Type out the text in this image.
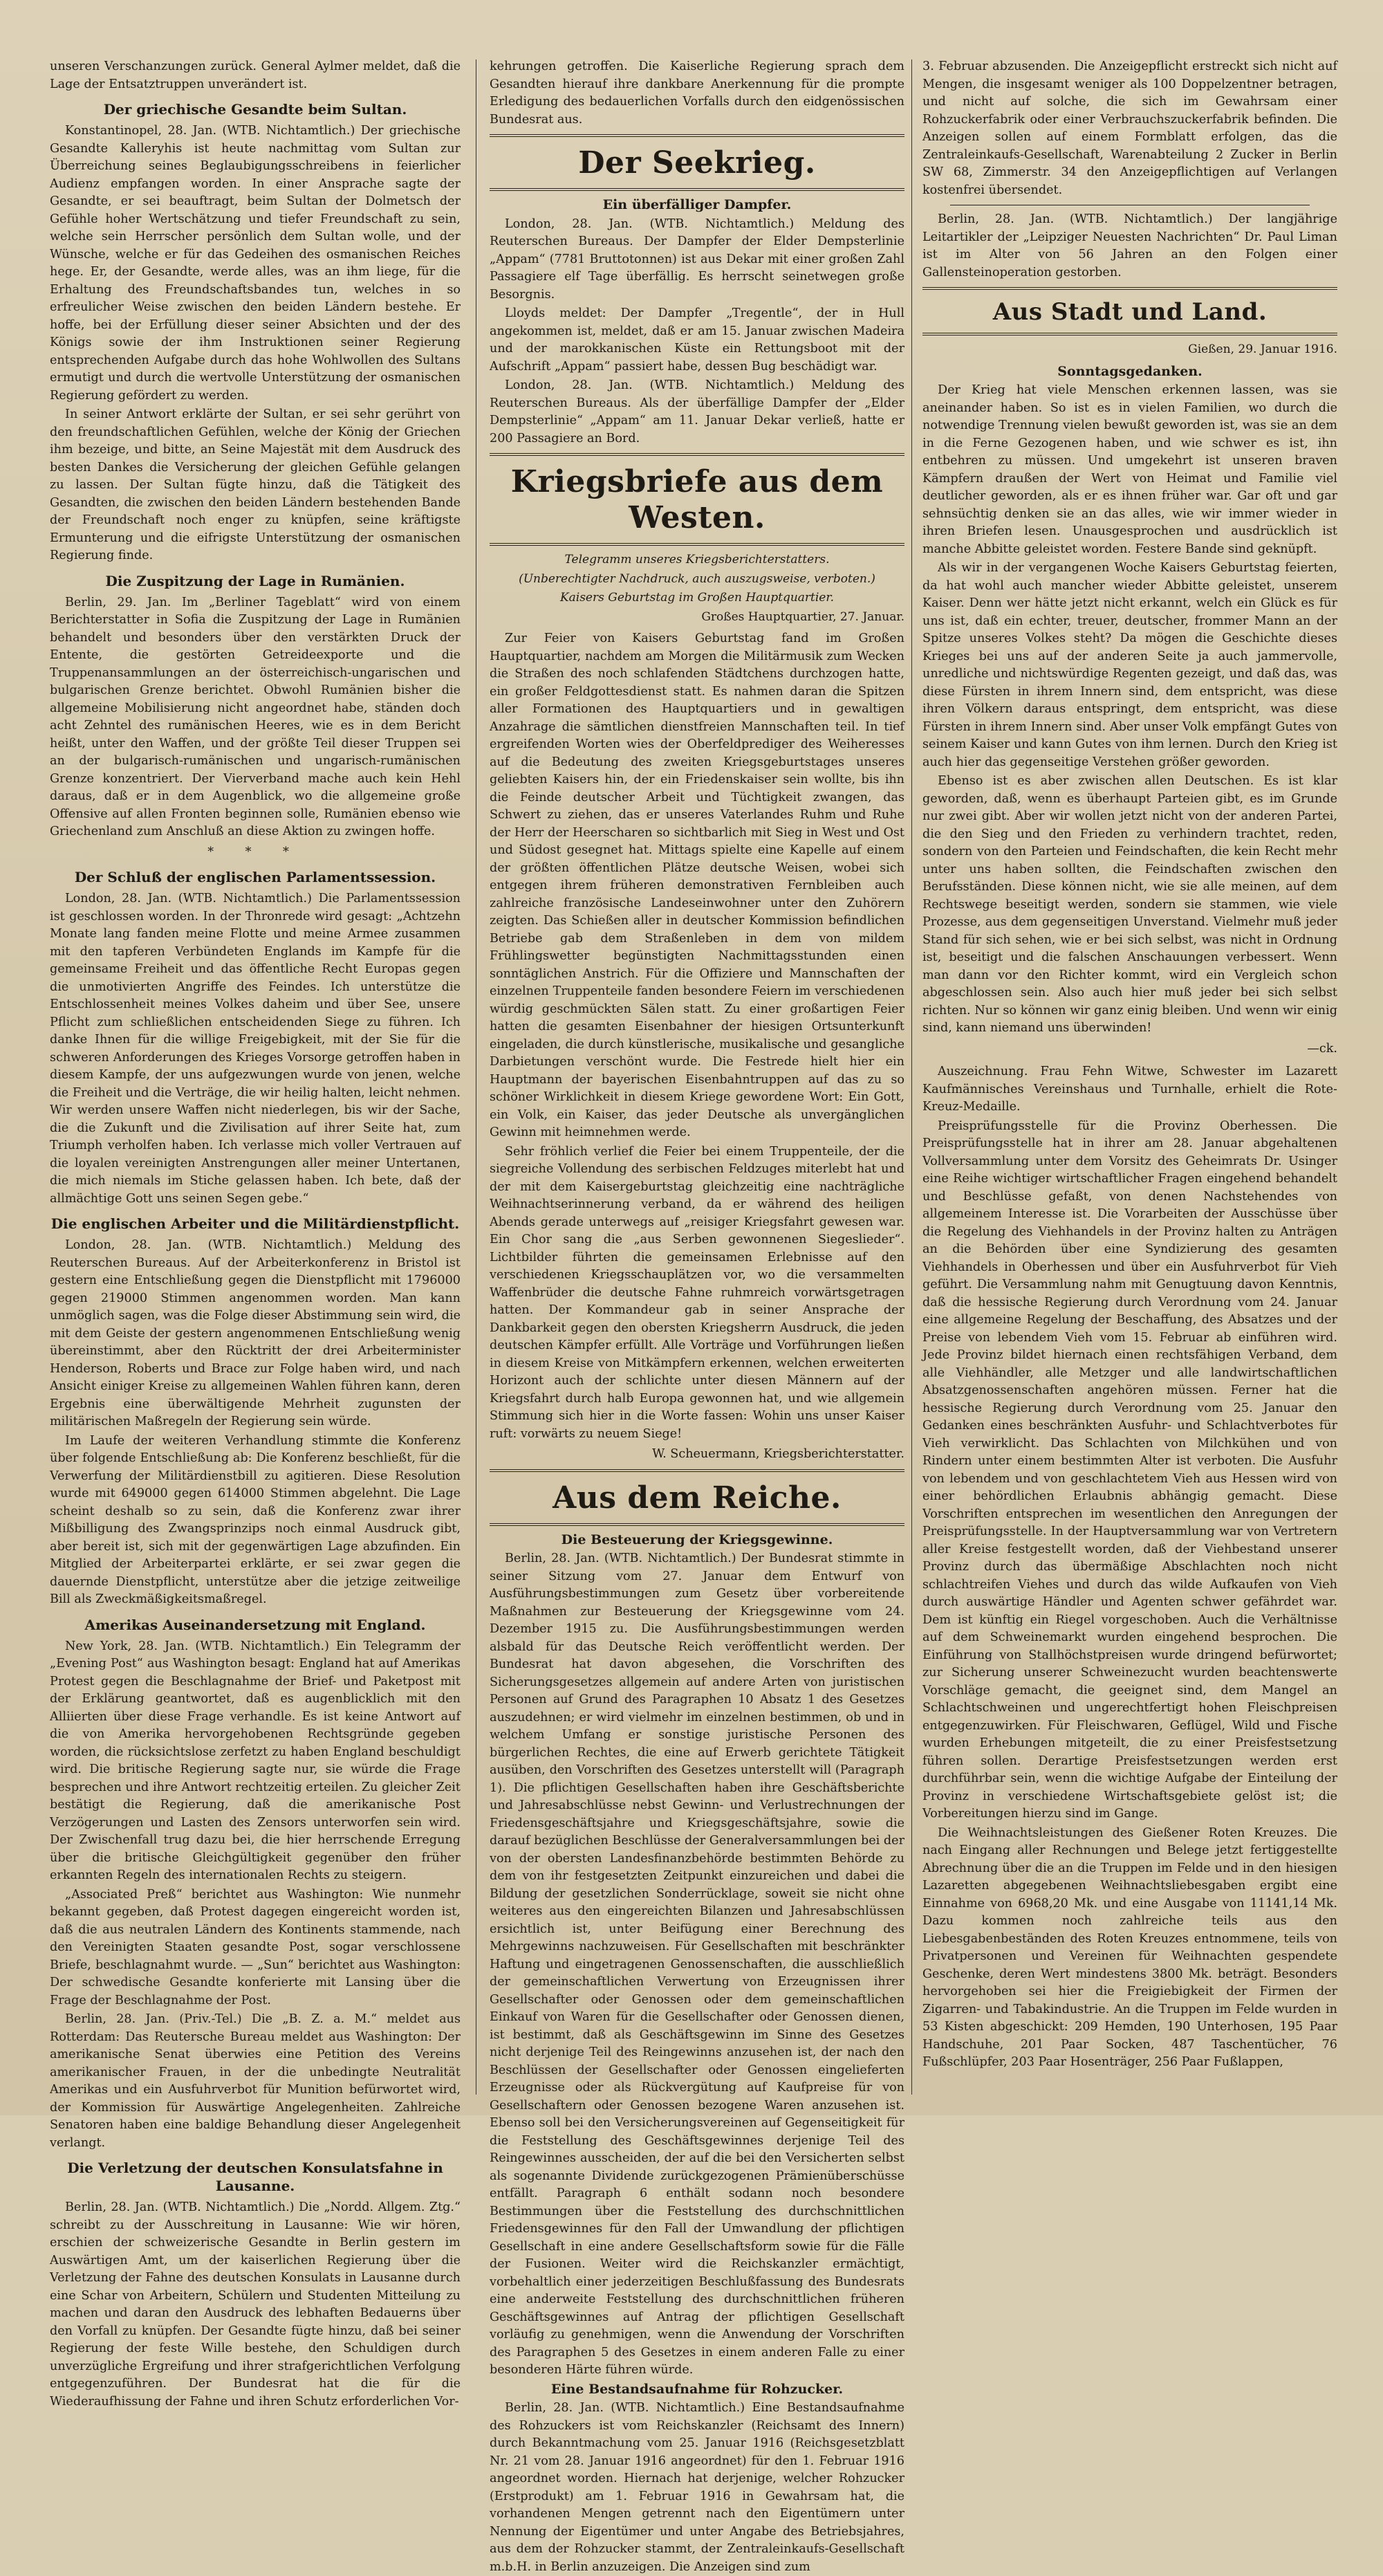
unseren Verschanzungen zurück. General Aylmer meldet, daß die Lage der Entsatztruppen unverändert ist.

Der griechische Gesandte beim Sultan.

Konstantinopel, 28. Jan. (WTB. Nichtamtlich.) Der griechische Gesandte Kalleryhis ist heute nachmittag vom Sultan zur Überreichung seines Beglaubigungsschreibens in feierlicher Audienz empfangen worden. In einer Ansprache sagte der Gesandte, er sei beauftragt, beim Sultan der Dolmetsch der Gefühle hoher Wertschätzung und tiefer Freundschaft zu sein, welche sein Herrscher persönlich dem Sultan wolle, und der Wünsche, welche er für das Gedeihen des osmanischen Reiches hege. Er, der Gesandte, werde alles, was an ihm liege, für die Erhaltung des Freundschaftsbandes tun, welches in so erfreulicher Weise zwischen den beiden Ländern bestehe. Er hoffe, bei der Erfüllung dieser seiner Absichten und der des Königs sowie der ihm Instruktionen seiner Regierung entsprechenden Aufgabe durch das hohe Wohlwollen des Sultans ermutigt und durch die wertvolle Unterstützung der osmanischen Regierung gefördert zu werden.

In seiner Antwort erklärte der Sultan, er sei sehr gerührt von den freundschaftlichen Gefühlen, welche der König der Griechen ihm bezeige, und bitte, an Seine Majestät mit dem Ausdruck des besten Dankes die Versicherung der gleichen Gefühle gelangen zu lassen. Der Sultan fügte hinzu, daß die Tätigkeit des Gesandten, die zwischen den beiden Ländern bestehenden Bande der Freundschaft noch enger zu knüpfen, seine kräftigste Ermunterung und die eifrigste Unterstützung der osmanischen Regierung finde.

Die Zuspitzung der Lage in Rumänien.

Berlin, 29. Jan. Im „Berliner Tageblatt“ wird von einem Berichterstatter in Sofia die Zuspitzung der Lage in Rumänien behandelt und besonders über den verstärkten Druck der Entente, die gestörten Getreideexporte und die Truppenansammlungen an der österreichisch-ungarischen und bulgarischen Grenze berichtet. Obwohl Rumänien bisher die allgemeine Mobilisierung nicht angeordnet habe, ständen doch acht Zehntel des rumänischen Heeres, wie es in dem Bericht heißt, unter den Waffen, und der größte Teil dieser Truppen sei an der bulgarisch-rumänischen und ungarisch-rumänischen Grenze konzentriert. Der Vierverband mache auch kein Hehl daraus, daß er in dem Augenblick, wo die allgemeine große Offensive auf allen Fronten beginnen solle, Rumänien ebenso wie Griechenland zum Anschluß an diese Aktion zu zwingen hoffe.

* * *
Der Schluß der englischen Parlamentssession.

London, 28. Jan. (WTB. Nichtamtlich.) Die Parlamentssession ist geschlossen worden. In der Thronrede wird gesagt: „Achtzehn Monate lang fanden meine Flotte und meine Armee zusammen mit den tapferen Verbündeten Englands im Kampfe für die gemeinsame Freiheit und das öffentliche Recht Europas gegen die unmotivierten Angriffe des Feindes. Ich unterstütze die Entschlossenheit meines Volkes daheim und über See, unsere Pflicht zum schließlichen entscheidenden Siege zu führen. Ich danke Ihnen für die willige Freigebigkeit, mit der Sie für die schweren Anforderungen des Krieges Vorsorge getroffen haben in diesem Kampfe, der uns aufgezwungen wurde von jenen, welche die Freiheit und die Verträge, die wir heilig halten, leicht nehmen. Wir werden unsere Waffen nicht niederlegen, bis wir der Sache, die die Zukunft und die Zivilisation auf ihrer Seite hat, zum Triumph verholfen haben. Ich verlasse mich voller Vertrauen auf die loyalen vereinigten Anstrengungen aller meiner Untertanen, die mich niemals im Stiche gelassen haben. Ich bete, daß der allmächtige Gott uns seinen Segen gebe.“

Die englischen Arbeiter und die Militärdienstpflicht.

London, 28. Jan. (WTB. Nichtamtlich.) Meldung des Reuterschen Bureaus. Auf der Arbeiterkonferenz in Bristol ist gestern eine Entschließung gegen die Dienstpflicht mit 1796000 gegen 219000 Stimmen angenommen worden. Man kann unmöglich sagen, was die Folge dieser Abstimmung sein wird, die mit dem Geiste der gestern angenommenen Entschließung wenig übereinstimmt, aber den Rücktritt der drei Arbeiterminister Henderson, Roberts und Brace zur Folge haben wird, und nach Ansicht einiger Kreise zu allgemeinen Wahlen führen kann, deren Ergebnis eine überwältigende Mehrheit zugunsten der militärischen Maßregeln der Regierung sein würde.

Im Laufe der weiteren Verhandlung stimmte die Konferenz über folgende Entschließung ab: Die Konferenz beschließt, für die Verwerfung der Militärdienstbill zu agitieren. Diese Resolution wurde mit 649000 gegen 614000 Stimmen abgelehnt. Die Lage scheint deshalb so zu sein, daß die Konferenz zwar ihrer Mißbilligung des Zwangsprinzips noch einmal Ausdruck gibt, aber bereit ist, sich mit der gegenwärtigen Lage abzufinden. Ein Mitglied der Arbeiterpartei erklärte, er sei zwar gegen die dauernde Dienstpflicht, unterstütze aber die jetzige zeitweilige Bill als Zweckmäßigkeitsmaßregel.

Amerikas Auseinandersetzung mit England.

New York, 28. Jan. (WTB. Nichtamtlich.) Ein Telegramm der „Evening Post“ aus Washington besagt: England hat auf Amerikas Protest gegen die Beschlagnahme der Brief- und Paketpost mit der Erklärung geantwortet, daß es augenblicklich mit den Alliierten über diese Frage verhandle. Es ist keine Antwort auf die von Amerika hervorgehobenen Rechtsgründe gegeben worden, die rücksichtslose zerfetzt zu haben England beschuldigt wird. Die britische Regierung sagte nur, sie würde die Frage besprechen und ihre Antwort rechtzeitig erteilen. Zu gleicher Zeit bestätigt die Regierung, daß die amerikanische Post Verzögerungen und Lasten des Zensors unterworfen sein wird. Der Zwischenfall trug dazu bei, die hier herrschende Erregung über die britische Gleichgültigkeit gegenüber den früher erkannten Regeln des internationalen Rechts zu steigern.

„Associated Preß“ berichtet aus Washington: Wie nunmehr bekannt gegeben, daß Protest dagegen eingereicht worden ist, daß die aus neutralen Ländern des Kontinents stammende, nach den Vereinigten Staaten gesandte Post, sogar verschlossene Briefe, beschlagnahmt wurde. — „Sun“ berichtet aus Washington: Der schwedische Gesandte konferierte mit Lansing über die Frage der Beschlagnahme der Post.

Berlin, 28. Jan. (Priv.-Tel.) Die „B. Z. a. M.“ meldet aus Rotterdam: Das Reutersche Bureau meldet aus Washington: Der amerikanische Senat überwies eine Petition des Vereins amerikanischer Frauen, in der die unbedingte Neutralität Amerikas und ein Ausfuhrverbot für Munition befürwortet wird, der Kommission für Auswärtige Angelegenheiten. Zahlreiche Senatoren haben eine baldige Behandlung dieser Angelegenheit verlangt.

Die Verletzung der deutschen Konsulatsfahne in Lausanne.

Berlin, 28. Jan. (WTB. Nichtamtlich.) Die „Nordd. Allgem. Ztg.“ schreibt zu der Ausschreitung in Lausanne: Wie wir hören, erschien der schweizerische Gesandte in Berlin gestern im Auswärtigen Amt, um der kaiserlichen Regierung über die Verletzung der Fahne des deutschen Konsulats in Lausanne durch eine Schar von Arbeitern, Schülern und Studenten Mitteilung zu machen und daran den Ausdruck des lebhaften Bedauerns über den Vorfall zu knüpfen. Der Gesandte fügte hinzu, daß bei seiner Regierung der feste Wille bestehe, den Schuldigen durch unverzügliche Ergreifung und ihrer strafgerichtlichen Verfolgung entgegenzuführen. Der Bundesrat hat die für die Wiederaufhissung der Fahne und ihren Schutz erforderlichen Vor-

kehrungen getroffen. Die Kaiserliche Regierung sprach dem Gesandten hierauf ihre dankbare Anerkennung für die prompte Erledigung des bedauerlichen Vorfalls durch den eidgenössischen Bundesrat aus.

Der Seekrieg.
Ein überfälliger Dampfer.

London, 28. Jan. (WTB. Nichtamtlich.) Meldung des Reuterschen Bureaus. Der Dampfer der Elder Dempsterlinie „Appam“ (7781 Bruttotonnen) ist aus Dekar mit einer großen Zahl Passagiere elf Tage überfällig. Es herrscht seinetwegen große Besorgnis.

Lloyds meldet: Der Dampfer „Tregentle“, der in Hull angekommen ist, meldet, daß er am 15. Januar zwischen Madeira und der marokkanischen Küste ein Rettungsboot mit der Aufschrift „Appam“ passiert habe, dessen Bug beschädigt war.

London, 28. Jan. (WTB. Nichtamtlich.) Meldung des Reuterschen Bureaus. Als der überfällige Dampfer der „Elder Dempsterlinie“ „Appam“ am 11. Januar Dekar verließ, hatte er 200 Passagiere an Bord.

Kriegsbriefe aus dem Westen.
Telegramm unseres Kriegsberichterstatters.
(Unberechtigter Nachdruck, auch auszugsweise, verboten.)
Kaisers Geburtstag im Großen Hauptquartier.
Großes Hauptquartier, 27. Januar.

Zur Feier von Kaisers Geburtstag fand im Großen Hauptquartier, nachdem am Morgen die Militärmusik zum Wecken die Straßen des noch schlafenden Städtchens durchzogen hatte, ein großer Feldgottesdienst statt. Es nahmen daran die Spitzen aller Formationen des Hauptquartiers und in gewaltigen Anzahrage die sämtlichen dienstfreien Mannschaften teil. In tief ergreifenden Worten wies der Oberfeldprediger des Weiheresses auf die Bedeutung des zweiten Kriegsgeburtstages unseres geliebten Kaisers hin, der ein Friedenskaiser sein wollte, bis ihn die Feinde deutscher Arbeit und Tüchtigkeit zwangen, das Schwert zu ziehen, das er unseres Vaterlandes Ruhm und Ruhe der Herr der Heerscharen so sichtbarlich mit Sieg in West und Ost und Südost gesegnet hat. Mittags spielte eine Kapelle auf einem der größten öffentlichen Plätze deutsche Weisen, wobei sich entgegen ihrem früheren demonstrativen Fernbleiben auch zahlreiche französische Landeseinwohner unter den Zuhörern zeigten. Das Schießen aller in deutscher Kommission befindlichen Betriebe gab dem Straßenleben in dem von mildem Frühlingswetter begünstigten Nachmittagsstunden einen sonntäglichen Anstrich. Für die Offiziere und Mannschaften der einzelnen Truppenteile fanden besondere Feiern im verschiedenen würdig geschmückten Sälen statt. Zu einer großartigen Feier hatten die gesamten Eisenbahner der hiesigen Ortsunterkunft eingeladen, die durch künstlerische, musikalische und gesangliche Darbietungen verschönt wurde. Die Festrede hielt hier ein Hauptmann der bayerischen Eisenbahntruppen auf das zu so schöner Wirklichkeit in diesem Kriege gewordene Wort: Ein Gott, ein Volk, ein Kaiser, das jeder Deutsche als unvergänglichen Gewinn mit heimnehmen werde.

Sehr fröhlich verlief die Feier bei einem Truppenteile, der die siegreiche Vollendung des serbischen Feldzuges miterlebt hat und der mit dem Kaisergeburtstag gleichzeitig eine nachträgliche Weihnachtserinnerung verband, da er während des heiligen Abends gerade unterwegs auf „reisiger Kriegsfahrt gewesen war. Ein Chor sang die „aus Serben gewonnenen Siegeslieder“. Lichtbilder führten die gemeinsamen Erlebnisse auf den verschiedenen Kriegsschauplätzen vor, wo die versammelten Waffenbrüder die deutsche Fahne ruhmreich vorwärtsgetragen hatten. Der Kommandeur gab in seiner Ansprache der Dankbarkeit gegen den obersten Kriegsherrn Ausdruck, die jeden deutschen Kämpfer erfüllt. Alle Vorträge und Vorführungen ließen in diesem Kreise von Mitkämpfern erkennen, welchen erweiterten Horizont auch der schlichte unter diesen Männern auf der Kriegsfahrt durch halb Europa gewonnen hat, und wie allgemein Stimmung sich hier in die Worte fassen: Wohin uns unser Kaiser ruft: vorwärts zu neuem Siege!

W. Scheuermann, Kriegsberichterstatter.
Aus dem Reiche.
Die Besteuerung der Kriegsgewinne.

Berlin, 28. Jan. (WTB. Nichtamtlich.) Der Bundesrat stimmte in seiner Sitzung vom 27. Januar dem Entwurf von Ausführungsbestimmungen zum Gesetz über vorbereitende Maßnahmen zur Besteuerung der Kriegsgewinne vom 24. Dezember 1915 zu. Die Ausführungsbestimmungen werden alsbald für das Deutsche Reich veröffentlicht werden. Der Bundesrat hat davon abgesehen, die Vorschriften des Sicherungsgesetzes allgemein auf andere Arten von juristischen Personen auf Grund des Paragraphen 10 Absatz 1 des Gesetzes auszudehnen; er wird vielmehr im einzelnen bestimmen, ob und in welchem Umfang er sonstige juristische Personen des bürgerlichen Rechtes, die eine auf Erwerb gerichtete Tätigkeit ausüben, den Vorschriften des Gesetzes unterstellt will (Paragraph 1). Die pflichtigen Gesellschaften haben ihre Geschäftsberichte und Jahresabschlüsse nebst Gewinn- und Verlustrechnungen der Friedensgeschäftsjahre und Kriegsgeschäftsjahre, sowie die darauf bezüglichen Beschlüsse der Generalversammlungen bei der von der obersten Landesfinanzbehörde bestimmten Behörde zu dem von ihr festgesetzten Zeitpunkt einzureichen und dabei die Bildung der gesetzlichen Sonderrücklage, soweit sie nicht ohne weiteres aus den eingereichten Bilanzen und Jahresabschlüssen ersichtlich ist, unter Beifügung einer Berechnung des Mehrgewinns nachzuweisen. Für Gesellschaften mit beschränkter Haftung und eingetragenen Genossenschaften, die ausschließlich der gemeinschaftlichen Verwertung von Erzeugnissen ihrer Gesellschafter oder Genossen oder dem gemeinschaftlichen Einkauf von Waren für die Gesellschafter oder Genossen dienen, ist bestimmt, daß als Geschäftsgewinn im Sinne des Gesetzes nicht derjenige Teil des Reingewinns anzusehen ist, der nach den Beschlüssen der Gesellschafter oder Genossen eingelieferten Erzeugnisse oder als Rückvergütung auf Kaufpreise für von Gesellschaftern oder Genossen bezogene Waren anzusehen ist. Ebenso soll bei den Versicherungsvereinen auf Gegenseitigkeit für die Feststellung des Geschäftsgewinnes derjenige Teil des Reingewinnes ausscheiden, der auf die bei den Versicherten selbst als sogenannte Dividende zurückgezogenen Prämienüberschüsse entfällt. Paragraph 6 enthält sodann noch besondere Bestimmungen über die Feststellung des durchschnittlichen Friedensgewinnes für den Fall der Umwandlung der pflichtigen Gesellschaft in eine andere Gesellschaftsform sowie für die Fälle der Fusionen. Weiter wird die Reichskanzler ermächtigt, vorbehaltlich einer jederzeitigen Beschlußfassung des Bundesrats eine anderweite Feststellung des durchschnittlichen früheren Geschäftsgewinnes auf Antrag der pflichtigen Gesellschaft vorläufig zu genehmigen, wenn die Anwendung der Vorschriften des Paragraphen 5 des Gesetzes in einem anderen Falle zu einer besonderen Härte führen würde.

Eine Bestandsaufnahme für Rohzucker.

Berlin, 28. Jan. (WTB. Nichtamtlich.) Eine Bestandsaufnahme des Rohzuckers ist vom Reichskanzler (Reichsamt des Innern) durch Bekanntmachung vom 25. Januar 1916 (Reichsgesetzblatt Nr. 21 vom 28. Januar 1916 angeordnet) für den 1. Februar 1916 angeordnet worden. Hiernach hat derjenige, welcher Rohzucker (Erstprodukt) am 1. Februar 1916 in Gewahrsam hat, die vorhandenen Mengen getrennt nach den Eigentümern unter Nennung der Eigentümer und unter Angabe des Betriebsjahres, aus dem der Rohzucker stammt, der Zentraleinkaufs-Gesellschaft m.b.H. in Berlin anzuzeigen. Die Anzeigen sind zum

3. Februar abzusenden. Die Anzeigepflicht erstreckt sich nicht auf Mengen, die insgesamt weniger als 100 Doppelzentner betragen, und nicht auf solche, die sich im Gewahrsam einer Rohzuckerfabrik oder einer Verbrauchszuckerfabrik befinden. Die Anzeigen sollen auf einem Formblatt erfolgen, das die Zentraleinkaufs-Gesellschaft, Warenabteilung 2 Zucker in Berlin SW 68, Zimmerstr. 34 den Anzeigepflichtigen auf Verlangen kostenfrei übersendet.

Berlin, 28. Jan. (WTB. Nichtamtlich.) Der langjährige Leitartikler der „Leipziger Neuesten Nachrichten“ Dr. Paul Liman ist im Alter von 56 Jahren an den Folgen einer Gallensteinoperation gestorben.

Aus Stadt und Land.
Gießen, 29. Januar 1916.
Sonntagsgedanken.

Der Krieg hat viele Menschen erkennen lassen, was sie aneinander haben. So ist es in vielen Familien, wo durch die notwendige Trennung vielen bewußt geworden ist, was sie an dem in die Ferne Gezogenen haben, und wie schwer es ist, ihn entbehren zu müssen. Und umgekehrt ist unseren braven Kämpfern draußen der Wert von Heimat und Familie viel deutlicher geworden, als er es ihnen früher war. Gar oft und gar sehnsüchtig denken sie an das alles, wie wir immer wieder in ihren Briefen lesen. Unausgesprochen und ausdrücklich ist manche Abbitte geleistet worden. Festere Bande sind geknüpft.

Als wir in der vergangenen Woche Kaisers Geburtstag feierten, da hat wohl auch mancher wieder Abbitte geleistet, unserem Kaiser. Denn wer hätte jetzt nicht erkannt, welch ein Glück es für uns ist, daß ein echter, treuer, deutscher, frommer Mann an der Spitze unseres Volkes steht? Da mögen die Geschichte dieses Krieges bei uns auf der anderen Seite ja auch jammervolle, unredliche und nichtswürdige Regenten gezeigt, und daß das, was diese Fürsten in ihrem Innern sind, dem entspricht, was diese ihren Völkern daraus entspringt, dem entspricht, was diese Fürsten in ihrem Innern sind. Aber unser Volk empfängt Gutes von seinem Kaiser und kann Gutes von ihm lernen. Durch den Krieg ist auch hier das gegenseitige Verstehen größer geworden.

Ebenso ist es aber zwischen allen Deutschen. Es ist klar geworden, daß, wenn es überhaupt Parteien gibt, es im Grunde nur zwei gibt. Aber wir wollen jetzt nicht von der anderen Partei, die den Sieg und den Frieden zu verhindern trachtet, reden, sondern von den Parteien und Feindschaften, die kein Recht mehr unter uns haben sollten, die Feindschaften zwischen den Berufsständen. Diese können nicht, wie sie alle meinen, auf dem Rechtswege beseitigt werden, sondern sie stammen, wie viele Prozesse, aus dem gegenseitigen Unverstand. Vielmehr muß jeder Stand für sich sehen, wie er bei sich selbst, was nicht in Ordnung ist, beseitigt und die falschen Anschauungen verbessert. Wenn man dann vor den Richter kommt, wird ein Vergleich schon abgeschlossen sein. Also auch hier muß jeder bei sich selbst richten. Nur so können wir ganz einig bleiben. Und wenn wir einig sind, kann niemand uns überwinden!

—ck.

Auszeichnung. Frau Fehn Witwe, Schwester im Lazarett Kaufmännisches Vereinshaus und Turnhalle, erhielt die Rote-Kreuz-Medaille.

Preisprüfungsstelle für die Provinz Oberhessen. Die Preisprüfungsstelle hat in ihrer am 28. Januar abgehaltenen Vollversammlung unter dem Vorsitz des Geheimrats Dr. Usinger eine Reihe wichtiger wirtschaftlicher Fragen eingehend behandelt und Beschlüsse gefaßt, von denen Nachstehendes von allgemeinem Interesse ist. Die Vorarbeiten der Ausschüsse über die Regelung des Viehhandels in der Provinz halten zu Anträgen an die Behörden über eine Syndizierung des gesamten Viehhandels in Oberhessen und über ein Ausfuhrverbot für Vieh geführt. Die Versammlung nahm mit Genugtuung davon Kenntnis, daß die hessische Regierung durch Verordnung vom 24. Januar eine allgemeine Regelung der Beschaffung, des Absatzes und der Preise von lebendem Vieh vom 15. Februar ab einführen wird. Jede Provinz bildet hiernach einen rechtsfähigen Verband, dem alle Viehhändler, alle Metzger und alle landwirtschaftlichen Absatzgenossenschaften angehören müssen. Ferner hat die hessische Regierung durch Verordnung vom 25. Januar den Gedanken eines beschränkten Ausfuhr- und Schlachtverbotes für Vieh verwirklicht. Das Schlachten von Milchkühen und von Rindern unter einem bestimmten Alter ist verboten. Die Ausfuhr von lebendem und von geschlachtetem Vieh aus Hessen wird von einer behördlichen Erlaubnis abhängig gemacht. Diese Vorschriften entsprechen im wesentlichen den Anregungen der Preisprüfungsstelle. In der Hauptversammlung war von Vertretern aller Kreise festgestellt worden, daß der Viehbestand unserer Provinz durch das übermäßige Abschlachten noch nicht schlachtreifen Viehes und durch das wilde Aufkaufen von Vieh durch auswärtige Händler und Agenten schwer gefährdet war. Dem ist künftig ein Riegel vorgeschoben. Auch die Verhältnisse auf dem Schweinemarkt wurden eingehend besprochen. Die Einführung von Stallhöchstpreisen wurde dringend befürwortet; zur Sicherung unserer Schweinezucht wurden beachtenswerte Vorschläge gemacht, die geeignet sind, dem Mangel an Schlachtschweinen und ungerechtfertigt hohen Fleischpreisen entgegenzuwirken. Für Fleischwaren, Geflügel, Wild und Fische wurden Erhebungen mitgeteilt, die zu einer Preisfestsetzung führen sollen. Derartige Preisfestsetzungen werden erst durchführbar sein, wenn die wichtige Aufgabe der Einteilung der Provinz in verschiedene Wirtschaftsgebiete gelöst ist; die Vorbereitungen hierzu sind im Gange.

Die Weihnachtsleistungen des Gießener Roten Kreuzes. Die nach Eingang aller Rechnungen und Belege jetzt fertiggestellte Abrechnung über die an die Truppen im Felde und in den hiesigen Lazaretten abgegebenen Weihnachtsliebesgaben ergibt eine Einnahme von 6968,20 Mk. und eine Ausgabe von 11141,14 Mk. Dazu kommen noch zahlreiche teils aus den Liebesgabenbeständen des Roten Kreuzes entnommene, teils von Privatpersonen und Vereinen für Weihnachten gespendete Geschenke, deren Wert mindestens 3800 Mk. beträgt. Besonders hervorgehoben sei hier die Freigiebigkeit der Firmen der Zigarren- und Tabakindustrie. An die Truppen im Felde wurden in 53 Kisten abgeschickt: 209 Hemden, 190 Unterhosen, 195 Paar Handschuhe, 201 Paar Socken, 487 Taschentücher, 76 Fußschlüpfer, 203 Paar Hosenträger, 256 Paar Fußlappen,
